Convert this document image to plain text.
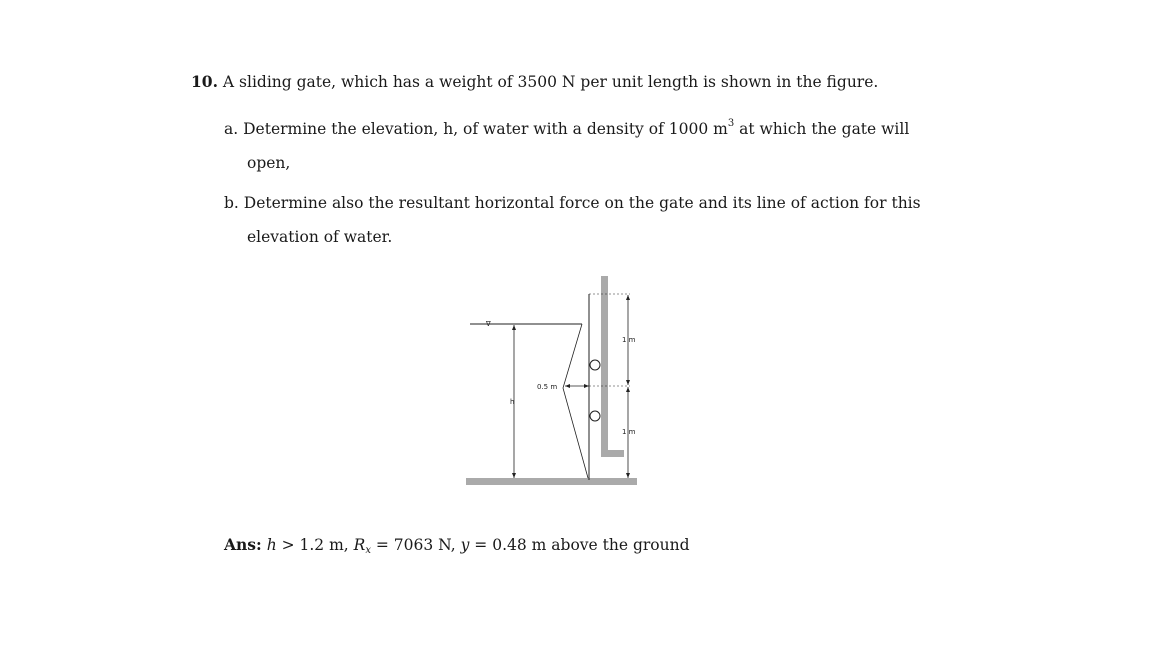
10. A sliding gate, which has a weight of 3500 N per unit length is shown in the figure.
a. Determine the elevation, h, of water with a density of 1000 $m^3$ at which the gate will
open,
b. Determine also the resultant horizontal force on the gate and its line of action for this
elevation of water.
∇
h
0.5 m
1 m
1 m
Ans: h > 1.2 m, $R_x = 7063$ N, y = 0.48 m above the ground
